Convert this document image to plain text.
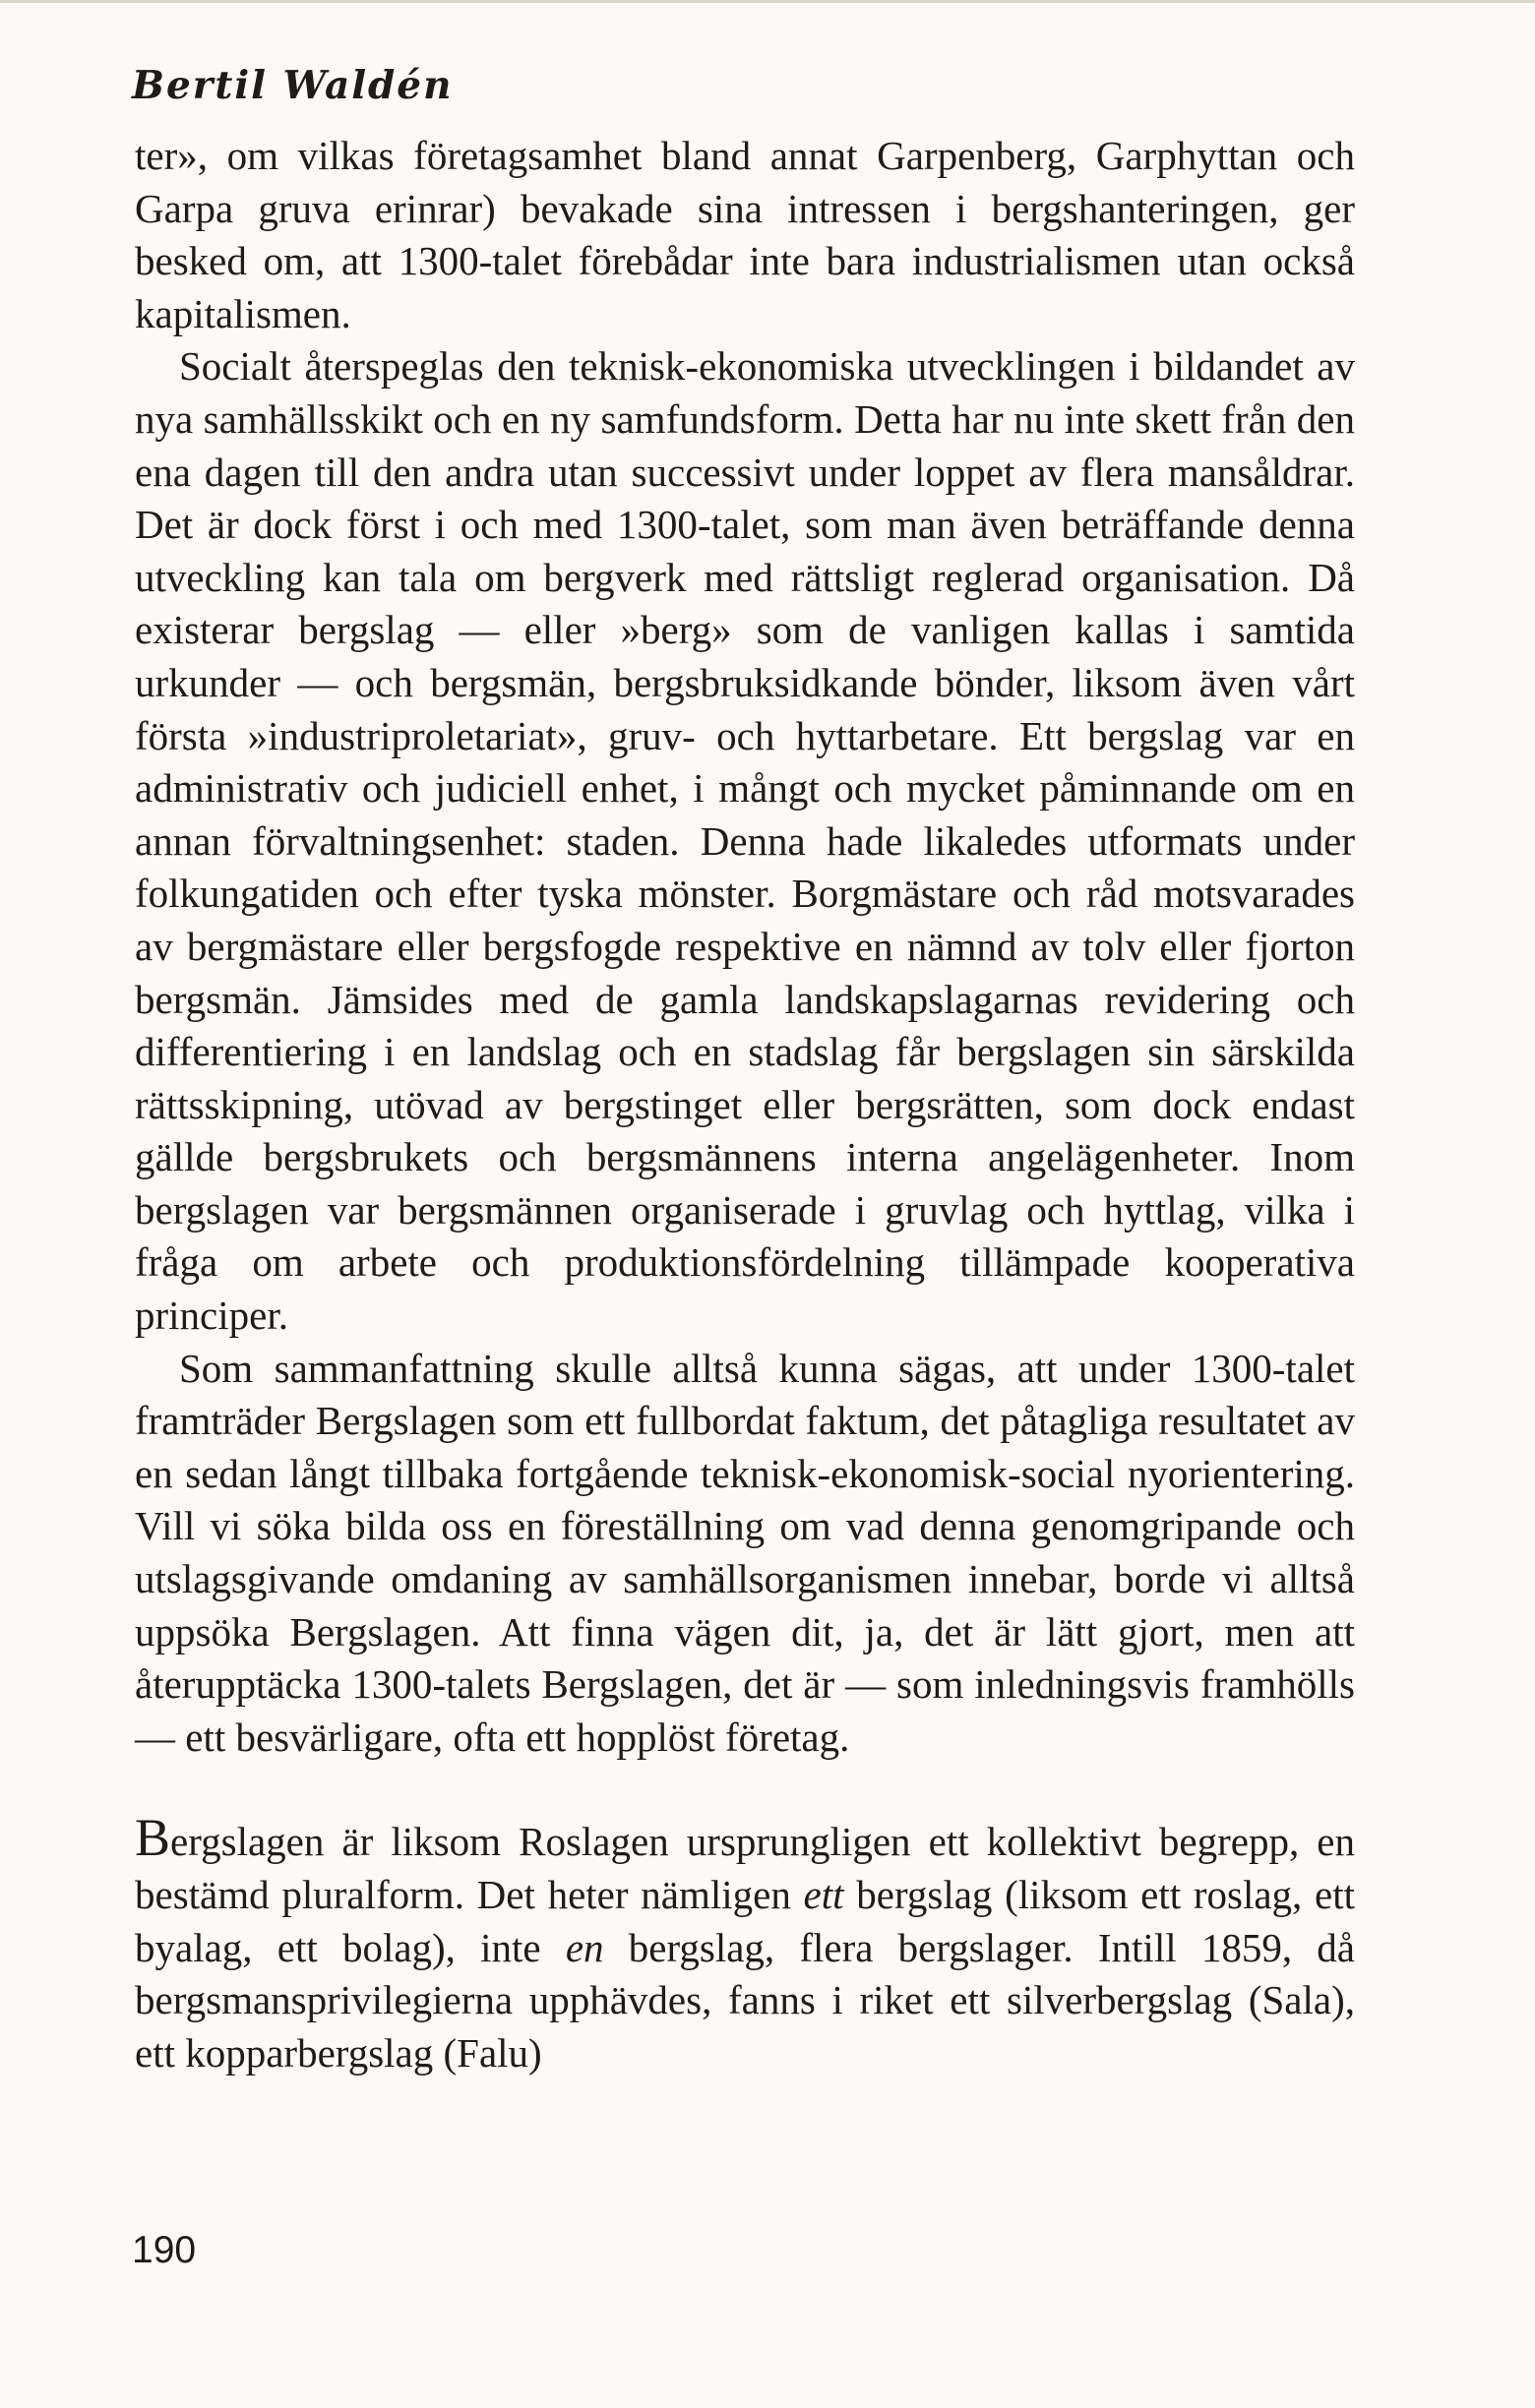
Bertil Waldén

ter», om vilkas företagsamhet bland annat Garpenberg, Garphyttan och Garpa gruva erinrar) bevakade sina intressen i bergshanteringen, ger besked om, att 1300-talet förebådar inte bara industrialismen utan också kapitalismen.

Socialt återspeglas den teknisk-ekonomiska utvecklingen i bildandet av nya samhällsskikt och en ny samfundsform. Detta har nu inte skett från den ena dagen till den andra utan successivt under loppet av flera mansåldrar. Det är dock först i och med 1300-talet, som man även beträffande denna utveckling kan tala om bergverk med rättsligt reglerad organisation. Då existerar bergslag — eller »berg» som de vanligen kallas i samtida urkunder — och bergsmän, bergsbruksidkande bönder, liksom även vårt första »industriproletariat», gruv- och hyttarbetare. Ett bergslag var en administrativ och judiciell enhet, i mångt och mycket påminnande om en annan förvaltningsenhet: staden. Denna hade likaledes utformats under folkungatiden och efter tyska mönster. Borgmästare och råd motsvarades av bergmästare eller bergsfogde respektive en nämnd av tolv eller fjorton bergsmän. Jämsides med de gamla landskapslagarnas revidering och differentiering i en landslag och en stadslag får bergslagen sin särskilda rättsskipning, utövad av bergstinget eller bergsrätten, som dock endast gällde bergsbrukets och bergsmännens interna angelägenheter. Inom bergslagen var bergsmännen organiserade i gruvlag och hyttlag, vilka i fråga om arbete och produktionsfördelning tillämpade kooperativa principer.

Som sammanfattning skulle alltså kunna sägas, att under 1300-talet framträder Bergslagen som ett fullbordat faktum, det påtagliga resultatet av en sedan långt tillbaka fortgående teknisk-ekonomisk-social nyorientering. Vill vi söka bilda oss en föreställning om vad denna genomgripande och utslagsgivande omdaning av samhällsorganismen innebar, borde vi alltså uppsöka Bergslagen. Att finna vägen dit, ja, det är lätt gjort, men att återupptäcka 1300-talets Bergslagen, det är — som inledningsvis framhölls — ett besvärligare, ofta ett hopplöst företag.

Bergslagen är liksom Roslagen ursprungligen ett kollektivt begrepp, en bestämd pluralform. Det heter nämligen ett bergslag (liksom ett roslag, ett byalag, ett bolag), inte en bergslag, flera bergslager. Intill 1859, då bergsmansprivilegierna upphävdes, fanns i riket ett silverbergslag (Sala), ett kopparbergslag (Falu)

190
